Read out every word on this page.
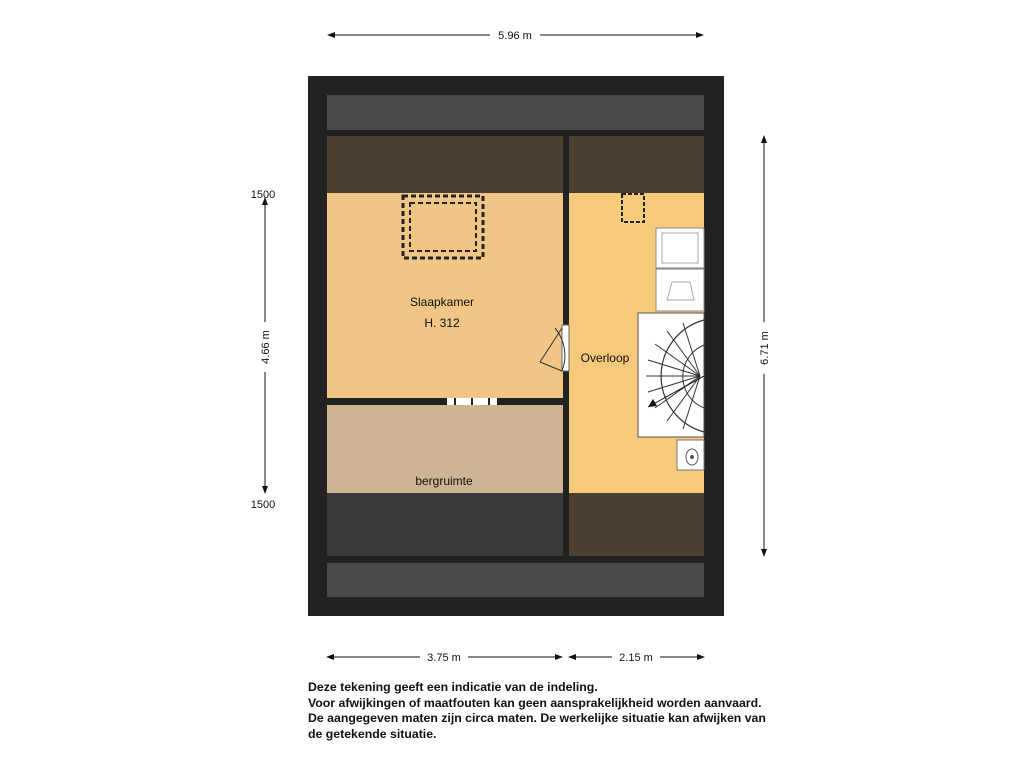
5.96 m
Slaapkamer
H. 312
Overloop
bergruimte
1500
1500
4.66 m	6.71 m
3.75 m	2.15 m
Deze tekening geeft een indicatie van de indeling.
Voor afwijkingen of maatfouten kan geen aansprakelijkheid worden aanvaard.
De aangegeven maten zijn circa maten. De werkelijke situatie kan afwijken van
de getekende situatie.
